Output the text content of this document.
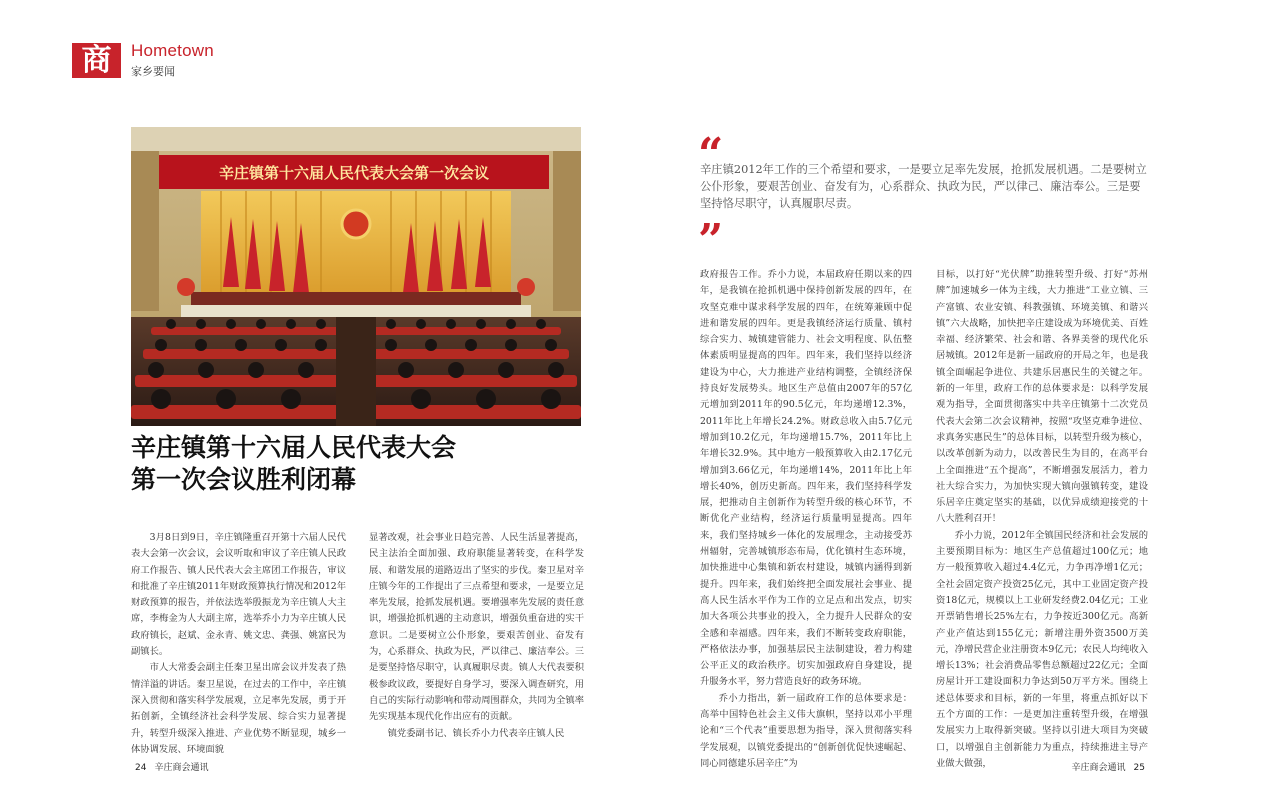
商	Hometown
家乡要闻
辛庄镇第十六届人民代表大会第一次会议
辛庄镇第十六届人民代表大会
第一次会议胜利闭幕

3月8日到9日，辛庄镇隆重召开第十六届人民代表大会第一次会议，会议听取和审议了辛庄镇人民政府工作报告、镇人民代表大会主席团工作报告，审议和批准了辛庄镇2011年财政预算执行情况和2012年财政预算的报告，并依法选举殷振龙为辛庄镇人大主席，李梅金为人大副主席，选举乔小力为辛庄镇人民政府镇长，赵斌、金永青、姚文忠、龚强、姚富民为副镇长。

市人大常委会副主任秦卫星出席会议并发表了热情洋溢的讲话。秦卫星说，在过去的工作中，辛庄镇深入贯彻和落实科学发展观，立足率先发展，勇于开拓创新，全镇经济社会科学发展、综合实力显著提升，转型升级深入推进、产业优势不断显现，城乡一体协调发展、环境面貌

显著改观，社会事业日趋完善、人民生活显著提高，民主法治全面加强、政府职能显著转变，在科学发展、和谐发展的道路迈出了坚实的步伐。秦卫星对辛庄镇今年的工作提出了三点希望和要求，一是要立足率先发展，抢抓发展机遇。要增强率先发展的责任意识，增强抢抓机遇的主动意识，增强负重奋进的实干意识。二是要树立公仆形象，要艰苦创业、奋发有为，心系群众、执政为民，严以律己、廉洁奉公。三是要坚持恪尽职守，认真履职尽责。镇人大代表要积极参政议政，要提好自身学习，要深入调查研究，用自己的实际行动影响和带动周围群众，共同为全镇率先实现基本现代化作出应有的贡献。

镇党委副书记、镇长乔小力代表辛庄镇人民

“
辛庄镇2012年工作的三个希望和要求，一是要立足率先发展，抢抓发展机遇。二是要树立公仆形象，要艰苦创业、奋发有为，心系群众、执政为民，严以律己、廉洁奉公。三是要坚持恪尽职守，认真履职尽责。
”

政府报告工作。乔小力说，本届政府任期以来的四年，是我镇在抢抓机遇中保持创新发展的四年，在攻坚克难中谋求科学发展的四年，在统筹兼顾中促进和谐发展的四年。更是我镇经济运行质量、镇村综合实力、城镇建管能力、社会文明程度、队伍整体素质明显提高的四年。四年来，我们坚持以经济建设为中心，大力推进产业结构调整，全镇经济保持良好发展势头。地区生产总值由2007年的57亿元增加到2011年的90.5亿元，年均递增12.3%，2011年比上年增长24.2%。财政总收入由5.7亿元增加到10.2亿元，年均递增15.7%，2011年比上年增长32.9%。其中地方一般预算收入由2.17亿元增加到3.66亿元，年均递增14%，2011年比上年增长40%，创历史新高。四年来，我们坚持科学发展，把推动自主创新作为转型升级的核心环节，不断优化产业结构，经济运行质量明显提高。四年来，我们坚持城乡一体化的发展理念，主动接受苏州辐射，完善城镇形态布局，优化镇村生态环境，加快推进中心集镇和新农村建设，城镇内涵得到新提升。四年来，我们始终把全面发展社会事业、提高人民生活水平作为工作的立足点和出发点，切实加大各项公共事业的投入，全力提升人民群众的安全感和幸福感。四年来，我们不断转变政府职能，严格依法办事，加强基层民主法制建设，着力构建公平正义的政治秩序。切实加强政府自身建设，提升服务水平，努力营造良好的政务环境。

乔小力指出，新一届政府工作的总体要求是：高举中国特色社会主义伟大旗帜，坚持以邓小平理论和“三个代表”重要思想为指导，深入贯彻落实科学发展观，以镇党委提出的“创新创优促快速崛起、同心同德建乐居辛庄”为

目标，以打好“光伏牌”助推转型升级、打好“苏州牌”加速城乡一体为主线，大力推进“工业立镇、三产富镇、农业安镇、科教强镇、环境美镇、和谐兴镇”六大战略，加快把辛庄建设成为环境优美、百姓幸福、经济繁荣、社会和谐、各界美誉的现代化乐居城镇。2012年是新一届政府的开局之年，也是我镇全面崛起争进位、共建乐居惠民生的关键之年。新的一年里，政府工作的总体要求是：以科学发展观为指导，全面贯彻落实中共辛庄镇第十二次党员代表大会第二次会议精神，按照“攻坚克难争进位、求真务实惠民生”的总体目标，以转型升级为核心，以改革创新为动力，以改善民生为目的，在高平台上全面推进“五个提高”，不断增强发展活力，着力社大综合实力，为加快实现大镇向强镇转变，建设乐居辛庄奠定坚实的基础，以优异成绩迎接党的十八大胜利召开！

乔小力说，2012年全镇国民经济和社会发展的主要预期目标为：地区生产总值超过100亿元；地方一般预算收入超过4.4亿元，力争再净增1亿元；全社会固定资产投资25亿元，其中工业固定资产投资18亿元，规模以上工业研发经费2.04亿元；工业开票销售增长25%左右，力争按近300亿元。高新产业产值达到155亿元；新增注册外资3500万美元，净增民营企业注册资本9亿元；农民人均纯收入增长13%；社会消费品零售总额超过22亿元；全面房屋计开工建设面积力争达到50万平方米。围绕上述总体要求和目标，新的一年里，将重点抓好以下五个方面的工作：一是更加注重转型升级，在增强发展实力上取得新突破。坚持以引进大项目为突破口，以增强自主创新能力为重点，持续推进主导产业做大做强，

24 辛庄商会通讯	辛庄商会通讯 25
